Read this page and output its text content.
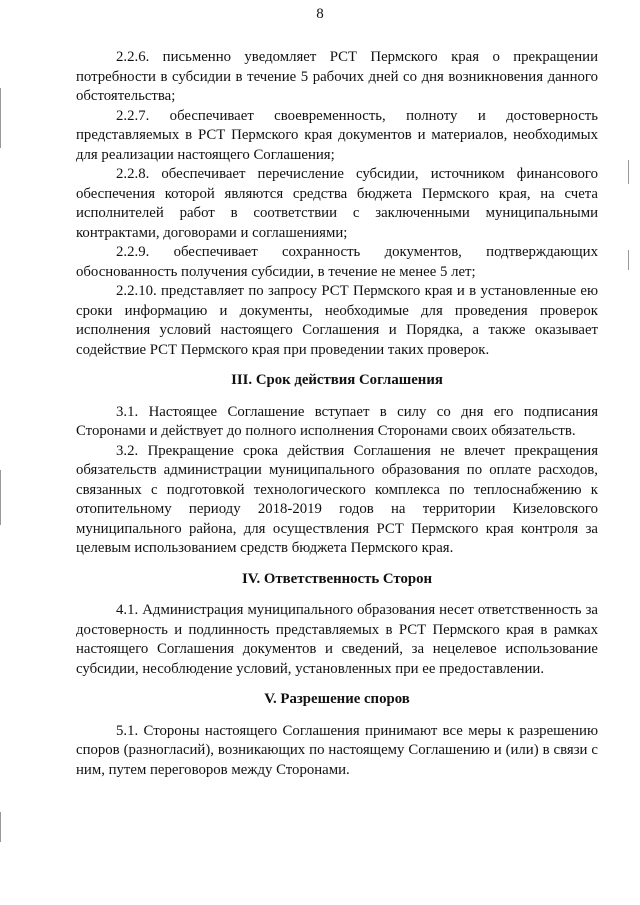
8

2.2.6. письменно уведомляет РСТ Пермского края о прекращении потребности в субсидии в течение 5 рабочих дней со дня возникновения данного обстоятельства;

2.2.7. обеспечивает своевременность, полноту и достоверность представляемых в РСТ Пермского края документов и материалов, необходимых для реализации настоящего Соглашения;

2.2.8. обеспечивает перечисление субсидии, источником финансового обеспечения которой являются средства бюджета Пермского края, на счета исполнителей работ в соответствии с заключенными муниципальными контрактами, договорами и соглашениями;

2.2.9. обеспечивает сохранность документов, подтверждающих обоснованность получения субсидии, в течение не менее 5 лет;

2.2.10. представляет по запросу РСТ Пермского края и в установленные ею сроки информацию и документы, необходимые для проведения проверок исполнения условий настоящего Соглашения и Порядка, а также оказывает содействие РСТ Пермского края при проведении таких проверок.

III. Срок действия Соглашения

3.1. Настоящее Соглашение вступает в силу со дня его подписания Сторонами и действует до полного исполнения Сторонами своих обязательств.

3.2. Прекращение срока действия Соглашения не влечет прекращения обязательств администрации муниципального образования по оплате расходов, связанных с подготовкой технологического комплекса по теплоснабжению к отопительному периоду 2018-2019 годов на территории Кизеловского муниципального района, для осуществления РСТ Пермского края контроля за целевым использованием средств бюджета Пермского края.

IV. Ответственность Сторон

4.1. Администрация муниципального образования несет ответственность за достоверность и подлинность представляемых в РСТ Пермского края в рамках настоящего Соглашения документов и сведений, за нецелевое использование субсидии, несоблюдение условий, установленных при ее предоставлении.

V. Разрешение споров

5.1. Стороны настоящего Соглашения принимают все меры к разрешению споров (разногласий), возникающих по настоящему Соглашению и (или) в связи с ним, путем переговоров между Сторонами.
